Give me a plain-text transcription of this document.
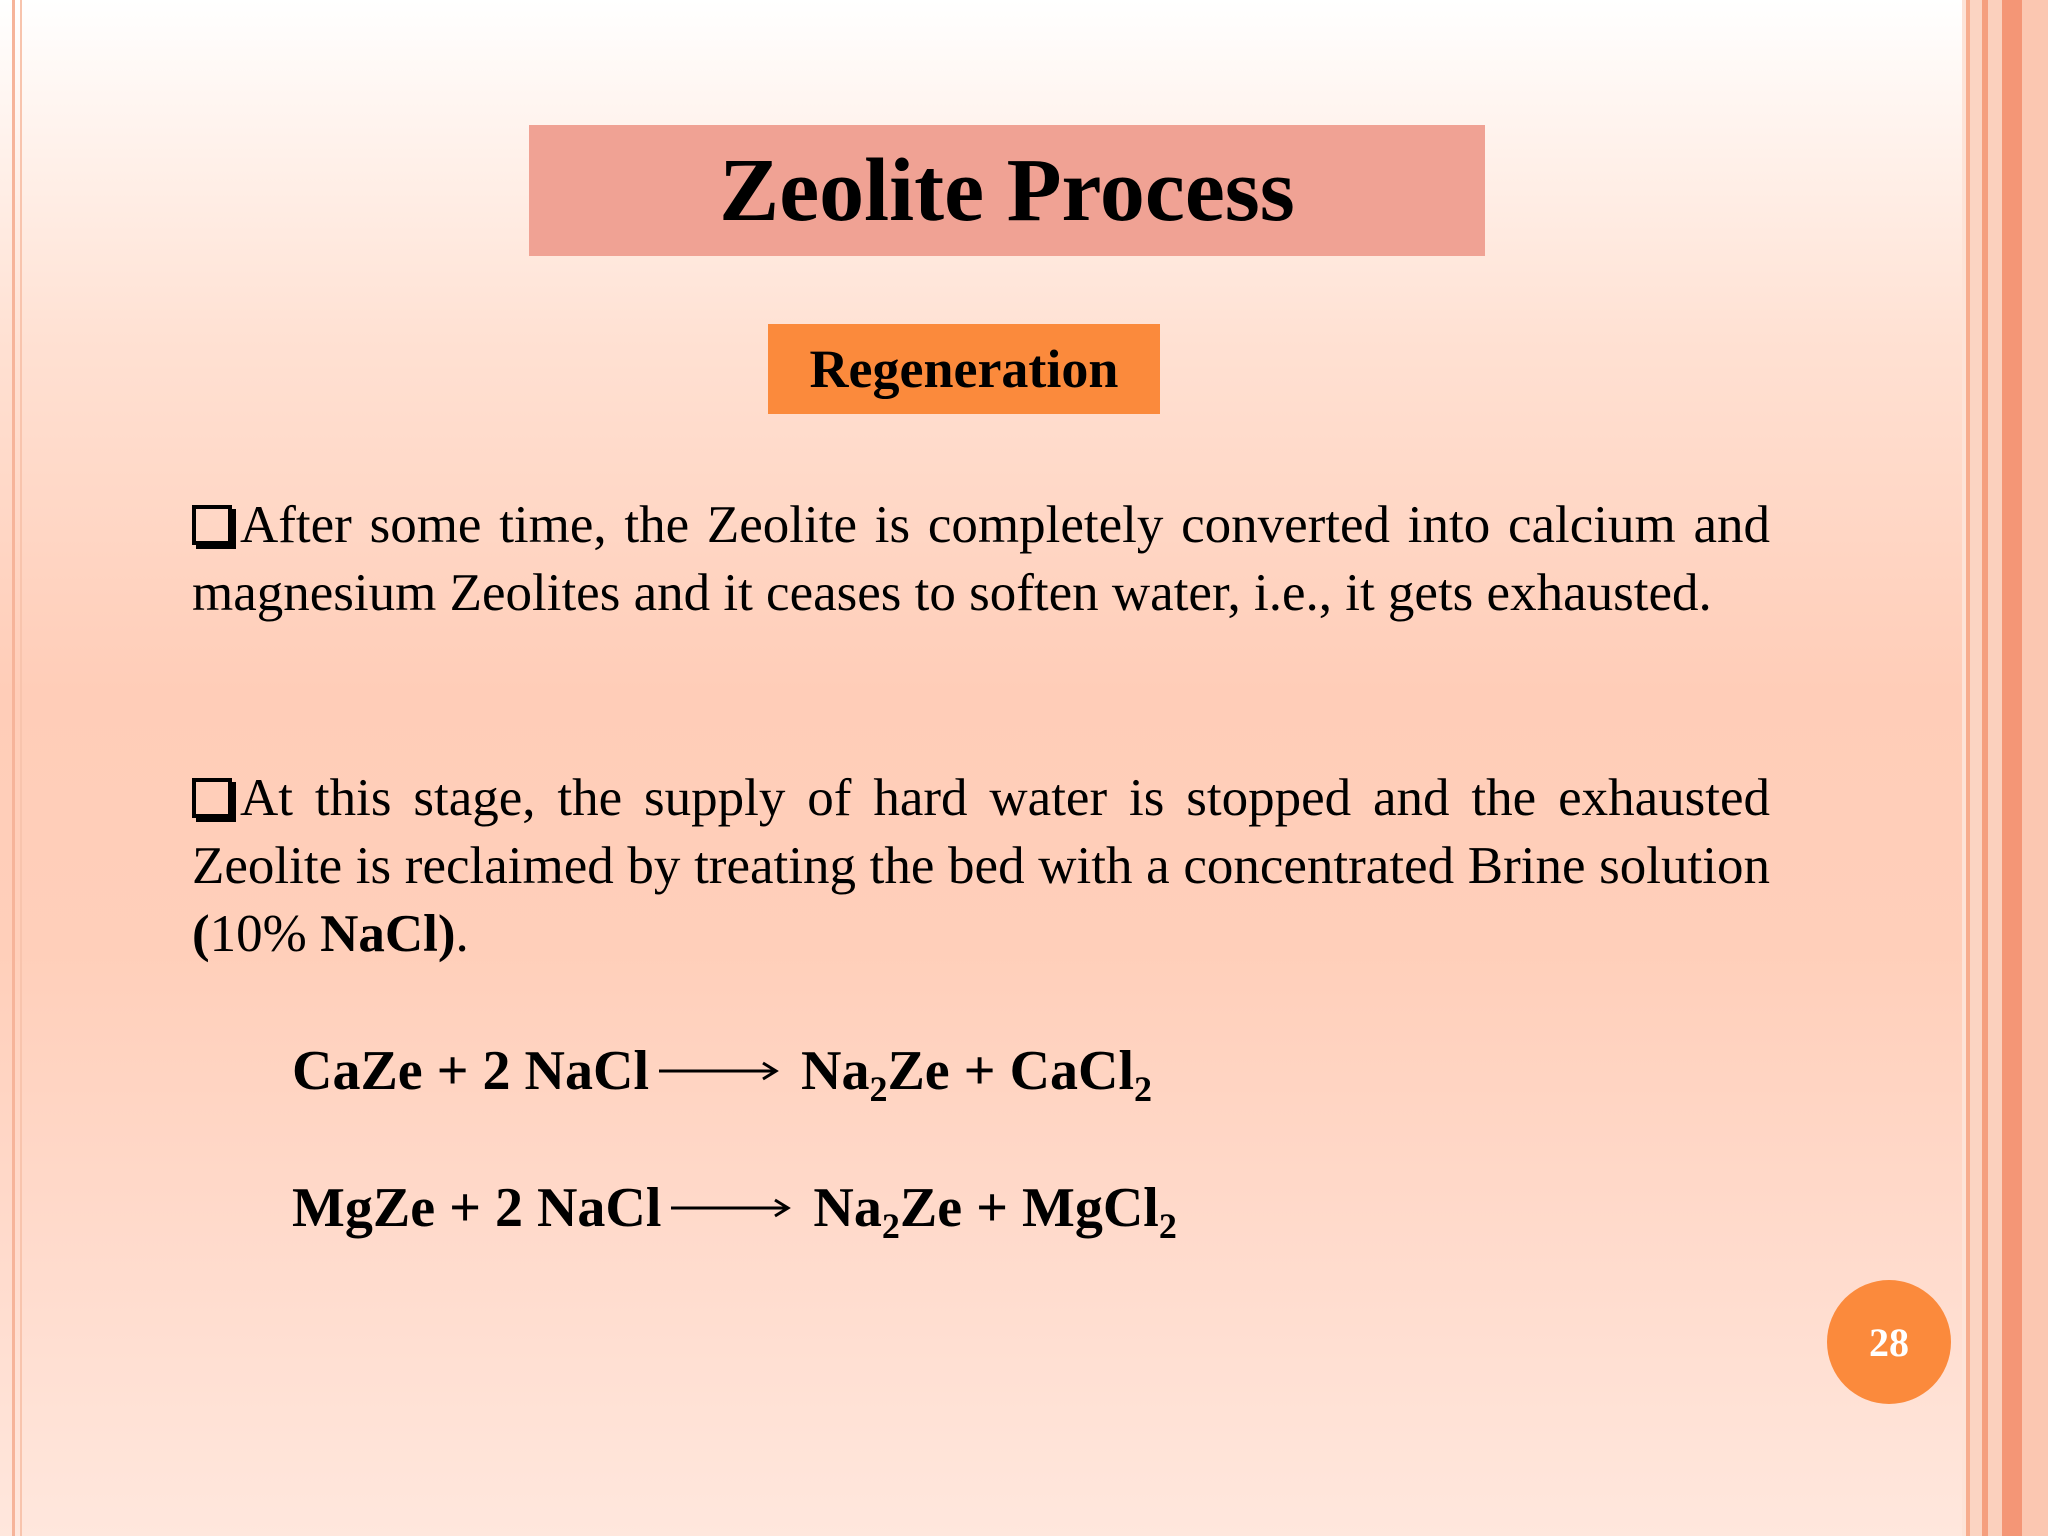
Zeolite Process
Regeneration
After some time, the Zeolite is completely converted into calcium and magnesium Zeolites and it ceases to soften water, i.e., it gets exhausted.
At this stage, the supply of hard water is stopped and the exhausted Zeolite is reclaimed by treating the bed with a concentrated Brine solution (10% NaCl).
CaZe + 2 NaCl → $Na_2Ze$ + CaCl$_2$
MgZe + 2 NaCl → $Na_2Ze$ + MgCl$_2$
28
